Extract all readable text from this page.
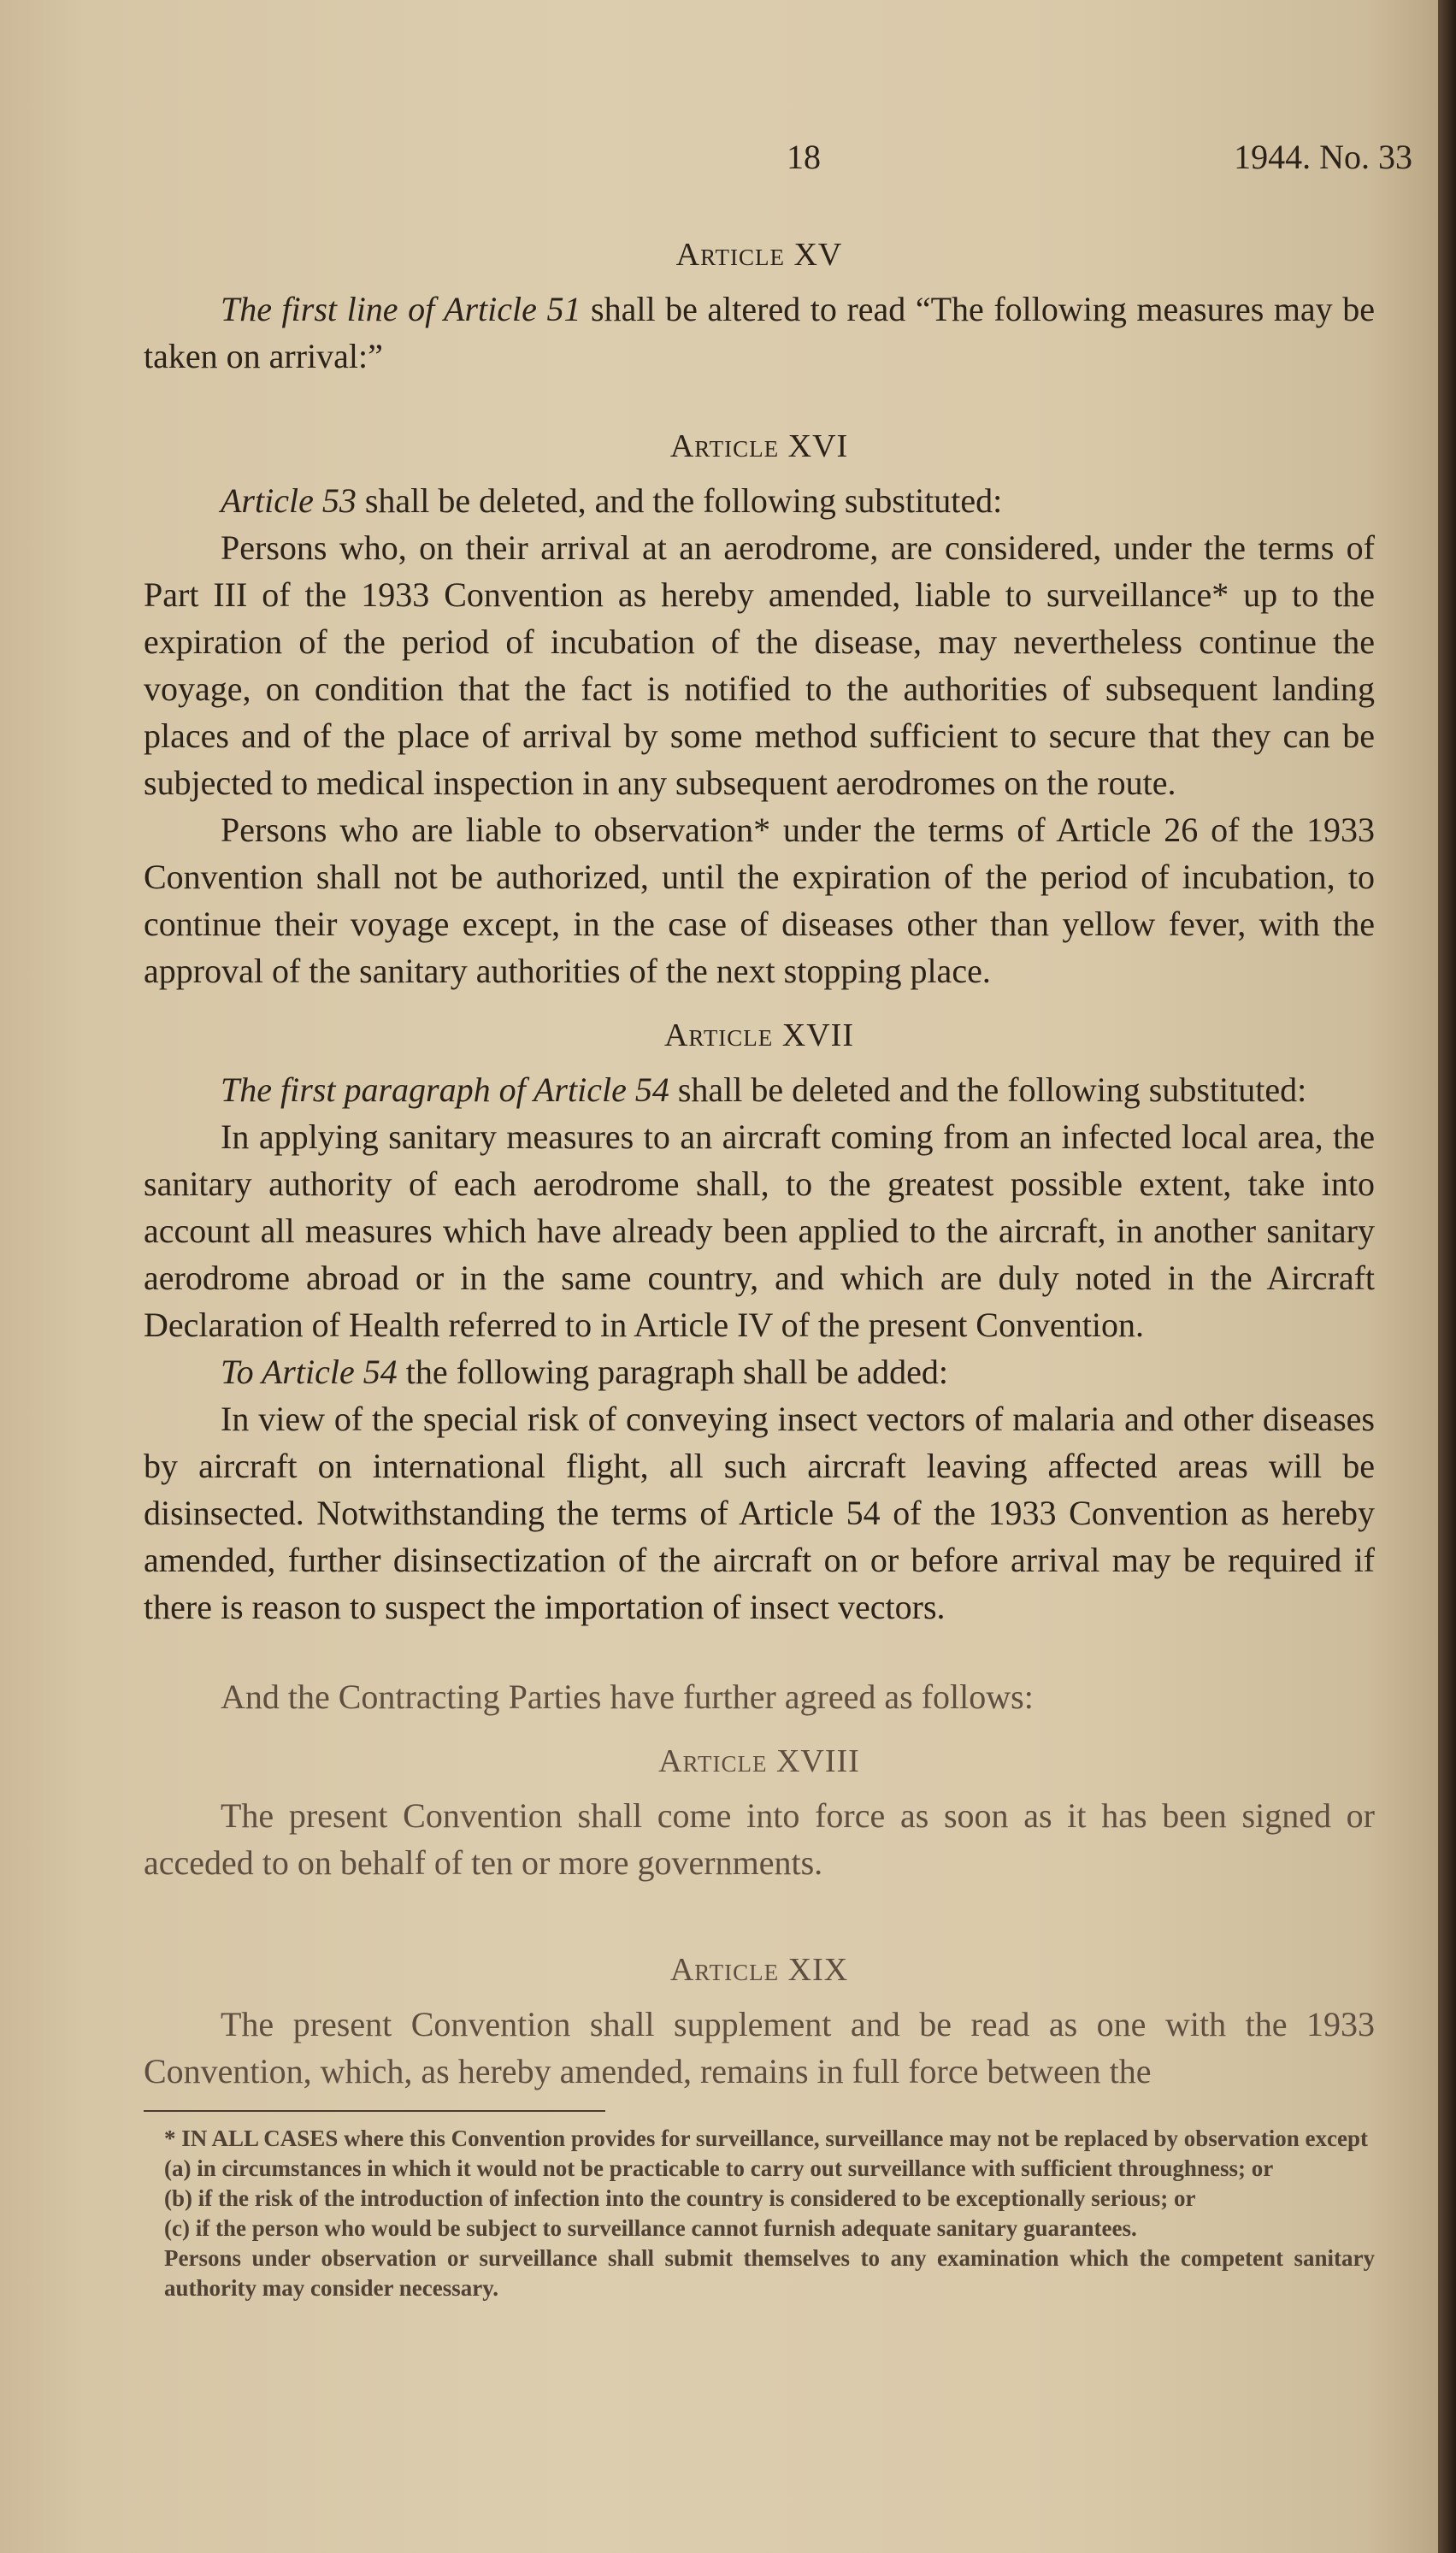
18	1944. No. 33
Article XV

The first line of Article 51 shall be altered to read “The following measures may be taken on arrival:”

Article XVI

Article 53 shall be deleted, and the following substituted:

Persons who, on their arrival at an aerodrome, are considered, under the terms of Part III of the 1933 Convention as hereby amended, liable to surveillance* up to the expiration of the period of incubation of the disease, may nevertheless continue the voyage, on condition that the fact is notified to the authorities of subsequent landing places and of the place of arrival by some method sufficient to secure that they can be subjected to medical inspection in any subsequent aerodromes on the route.

Persons who are liable to observation* under the terms of Article 26 of the 1933 Convention shall not be authorized, until the expiration of the period of incubation, to continue their voyage except, in the case of diseases other than yellow fever, with the approval of the sanitary authorities of the next stopping place.

Article XVII

The first paragraph of Article 54 shall be deleted and the following substituted:

In applying sanitary measures to an aircraft coming from an infected local area, the sanitary authority of each aerodrome shall, to the greatest possible extent, take into account all measures which have already been applied to the aircraft, in another sanitary aerodrome abroad or in the same country, and which are duly noted in the Aircraft Declaration of Health referred to in Article IV of the present Convention.

To Article 54 the following paragraph shall be added:

In view of the special risk of conveying insect vectors of malaria and other diseases by aircraft on international flight, all such aircraft leaving affected areas will be disinsected. Notwithstanding the terms of Article 54 of the 1933 Convention as hereby amended, further disinsectization of the aircraft on or before arrival may be required if there is reason to suspect the importation of insect vectors.

And the Contracting Parties have further agreed as follows:

Article XVIII

The present Convention shall come into force as soon as it has been signed or acceded to on behalf of ten or more governments.

Article XIX

The present Convention shall supplement and be read as one with the 1933 Convention, which, as hereby amended, remains in full force between the

* IN ALL CASES where this Convention provides for surveillance, surveillance may not be replaced by observation except

(a) in circumstances in which it would not be practicable to carry out surveillance with sufficient throughness; or

(b) if the risk of the introduction of infection into the country is considered to be exceptionally serious; or

(c) if the person who would be subject to surveillance cannot furnish adequate sanitary guarantees.

Persons under observation or surveillance shall submit themselves to any examination which the competent sanitary authority may consider necessary.
